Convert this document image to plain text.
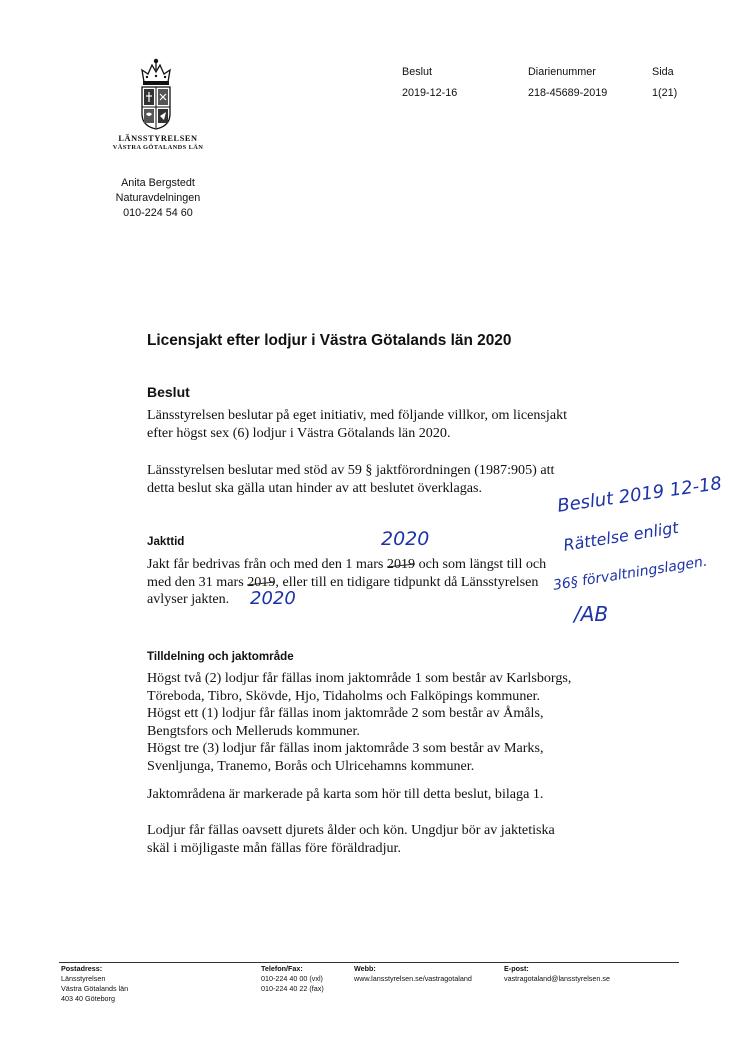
LÄNSSTYRELSEN
VÄSTRA GÖTALANDS LÄN
Anita Bergstedt
Naturavdelningen
010-224 54 60
Beslut
2019-12-16
Diarienummer
218-45689-2019
Sida
1(21)
Licensjakt efter lodjur i Västra Götalands län 2020
Beslut
Länsstyrelsen beslutar på eget initiativ, med följande villkor, om licensjakt
efter högst sex (6) lodjur i Västra Götalands län 2020.
Länsstyrelsen beslutar med stöd av 59 § jaktförordningen (1987:905) att
detta beslut ska gälla utan hinder av att beslutet överklagas.
Jakttid
Jakt får bedrivas från och med den 1 mars 2019 och som längst till och
med den 31 mars 2019, eller till en tidigare tidpunkt då Länsstyrelsen
avlyser jakten.
2020
2020
Beslut 2019 12-18
Rättelse enligt
36§ förvaltningslagen.
/AB
Tilldelning och jaktområde
Högst två (2) lodjur får fällas inom jaktområde 1 som består av Karlsborgs,
Töreboda, Tibro, Skövde, Hjo, Tidaholms och Falköpings kommuner.
Högst ett (1) lodjur får fällas inom jaktområde 2 som består av Åmåls,
Bengtsfors och Melleruds kommuner.
Högst tre (3) lodjur får fällas inom jaktområde 3 som består av Marks,
Svenljunga, Tranemo, Borås och Ulricehamns kommuner.
Jaktområdena är markerade på karta som hör till detta beslut, bilaga 1.
Lodjur får fällas oavsett djurets ålder och kön. Ungdjur bör av jaktetiska
skäl i möjligaste mån fällas före föräldradjur.
Postadress:
Länsstyrelsen
Västra Götalands län
403 40 Göteborg
Telefon/Fax:
010-224 40 00 (vxl)
010-224 40 22 (fax)
Webb:
www.lansstyrelsen.se/vastragotaland
E-post:
vastragotaland@lansstyrelsen.se
